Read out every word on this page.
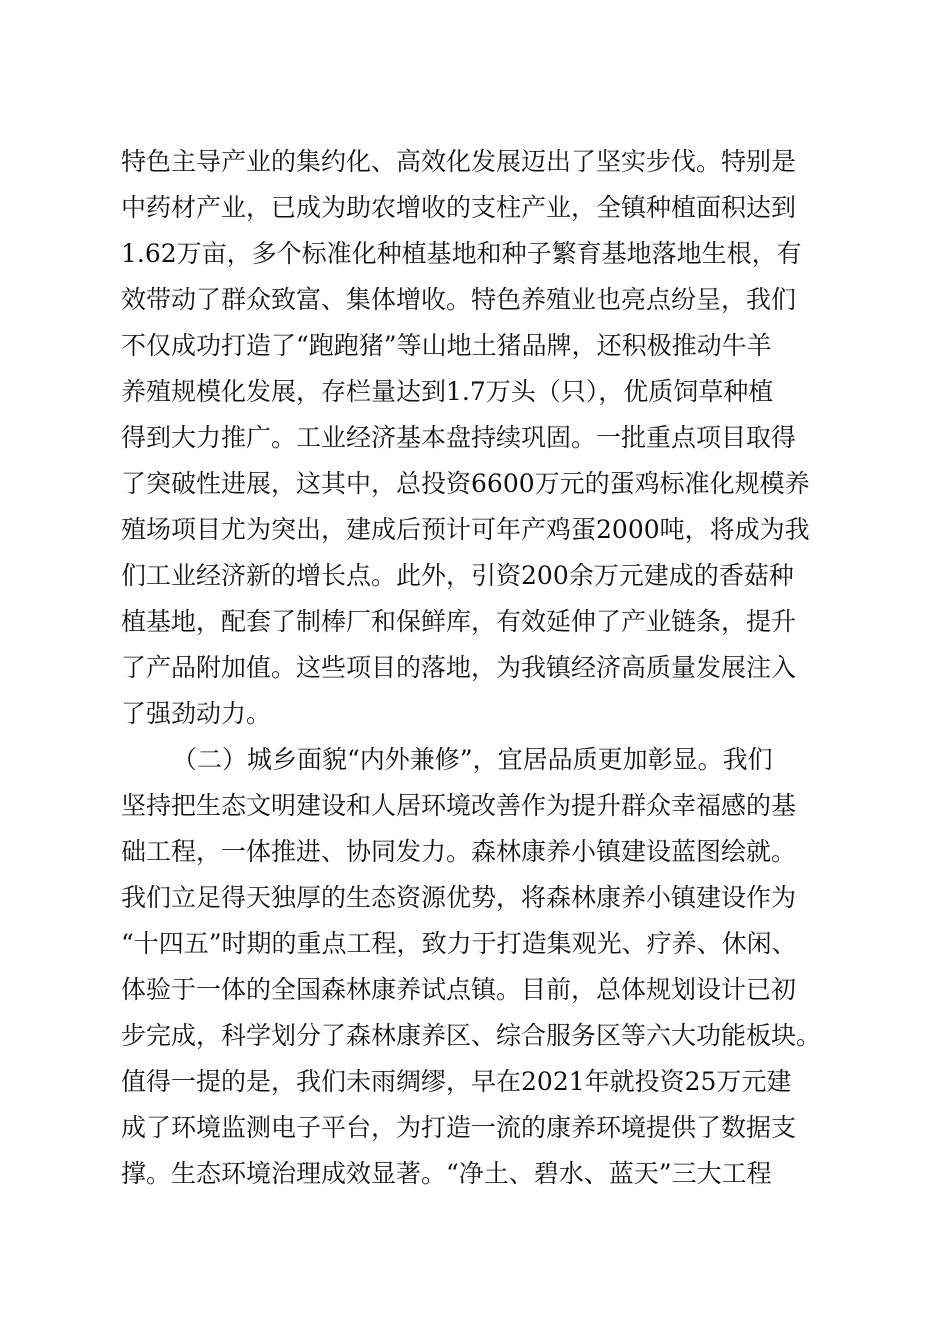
特色主导产业的集约化、高效化发展迈出了坚实步伐。特别是
中药材产业，已成为助农增收的支柱产业，全镇种植面积达到
1.62万亩，多个标准化种植基地和种子繁育基地落地生根，有
效带动了群众致富、集体增收。特色养殖业也亮点纷呈，我们
不仅成功打造了“跑跑猪”等山地土猪品牌，还积极推动牛羊
养殖规模化发展，存栏量达到1.7万头（只），优质饲草种植
得到大力推广。工业经济基本盘持续巩固。一批重点项目取得
了突破性进展，这其中，总投资6600万元的蛋鸡标准化规模养
殖场项目尤为突出，建成后预计可年产鸡蛋2000吨，将成为我
们工业经济新的增长点。此外，引资200余万元建成的香菇种
植基地，配套了制棒厂和保鲜库，有效延伸了产业链条，提升
了产品附加值。这些项目的落地，为我镇经济高质量发展注入
了强劲动力。
（二）城乡面貌“内外兼修”，宜居品质更加彰显。我们
坚持把生态文明建设和人居环境改善作为提升群众幸福感的基
础工程，一体推进、协同发力。森林康养小镇建设蓝图绘就。
我们立足得天独厚的生态资源优势，将森林康养小镇建设作为
“十四五”时期的重点工程，致力于打造集观光、疗养、休闲、
体验于一体的全国森林康养试点镇。目前，总体规划设计已初
步完成，科学划分了森林康养区、综合服务区等六大功能板块。
值得一提的是，我们未雨绸缪，早在2021年就投资25万元建
成了环境监测电子平台，为打造一流的康养环境提供了数据支
撑。生态环境治理成效显著。“净土、碧水、蓝天”三大工程
